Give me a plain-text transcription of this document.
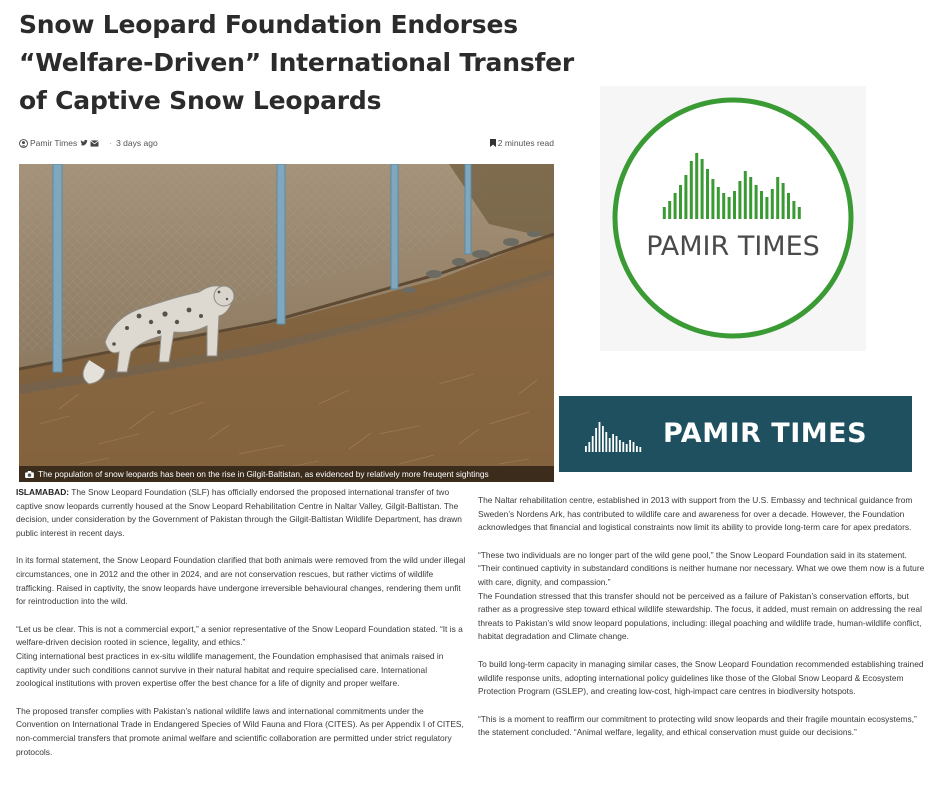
Snow Leopard Foundation Endorses “Welfare-Driven” International Transfer of Captive Snow Leopards
Pamir Times	· 3 days ago	2 minutes read
The population of snow leopards has been on the rise in Gilgit-Baltistan, as evidenced by relatively more freuqent sightings

ISLAMABAD: The Snow Leopard Foundation (SLF) has officially endorsed the proposed international transfer of two captive snow leopards currently housed at the Snow Leopard Rehabilitation Centre in Naltar Valley, Gilgit-Baltistan. The decision, under consideration by the Government of Pakistan through the Gilgit-Baltistan Wildlife Department, has drawn public interest in recent days.

In its formal statement, the Snow Leopard Foundation clarified that both animals were removed from the wild under illegal circumstances, one in 2012 and the other in 2024, and are not conservation rescues, but rather victims of wildlife trafficking. Raised in captivity, the snow leopards have undergone irreversible behavioural changes, rendering them unfit for reintroduction into the wild.

“Let us be clear. This is not a commercial export,” a senior representative of the Snow Leopard Foundation stated. “It is a welfare-driven decision rooted in science, legality, and ethics.”

Citing international best practices in ex-situ wildlife management, the Foundation emphasised that animals raised in captivity under such conditions cannot survive in their natural habitat and require specialised care. International zoological institutions with proven expertise offer the best chance for a life of dignity and proper welfare.

The proposed transfer complies with Pakistan’s national wildlife laws and international commitments under the Convention on International Trade in Endangered Species of Wild Fauna and Flora (CITES). As per Appendix I of CITES, non-commercial transfers that promote animal welfare and scientific collaboration are permitted under strict regulatory protocols.

PAMIR TIMES
PAMIR TIMES

The Naltar rehabilitation centre, established in 2013 with support from the U.S. Embassy and technical guidance from Sweden’s Nordens Ark, has contributed to wildlife care and awareness for over a decade. However, the Foundation acknowledges that financial and logistical constraints now limit its ability to provide long-term care for apex predators.

“These two individuals are no longer part of the wild gene pool,” the Snow Leopard Foundation said in its statement. “Their continued captivity in substandard conditions is neither humane nor necessary. What we owe them now is a future with care, dignity, and compassion.”

The Foundation stressed that this transfer should not be perceived as a failure of Pakistan’s conservation efforts, but rather as a progressive step toward ethical wildlife stewardship. The focus, it added, must remain on addressing the real threats to Pakistan’s wild snow leopard populations, including: illegal poaching and wildlife trade, human-wildlife conflict, habitat degradation and Climate change.

To build long-term capacity in managing similar cases, the Snow Leopard Foundation recommended establishing trained wildlife response units, adopting international policy guidelines like those of the Global Snow Leopard & Ecosystem Protection Program (GSLEP), and creating low-cost, high-impact care centres in biodiversity hotspots.

“This is a moment to reaffirm our commitment to protecting wild snow leopards and their fragile mountain ecosystems,” the statement concluded. “Animal welfare, legality, and ethical conservation must guide our decisions.”
